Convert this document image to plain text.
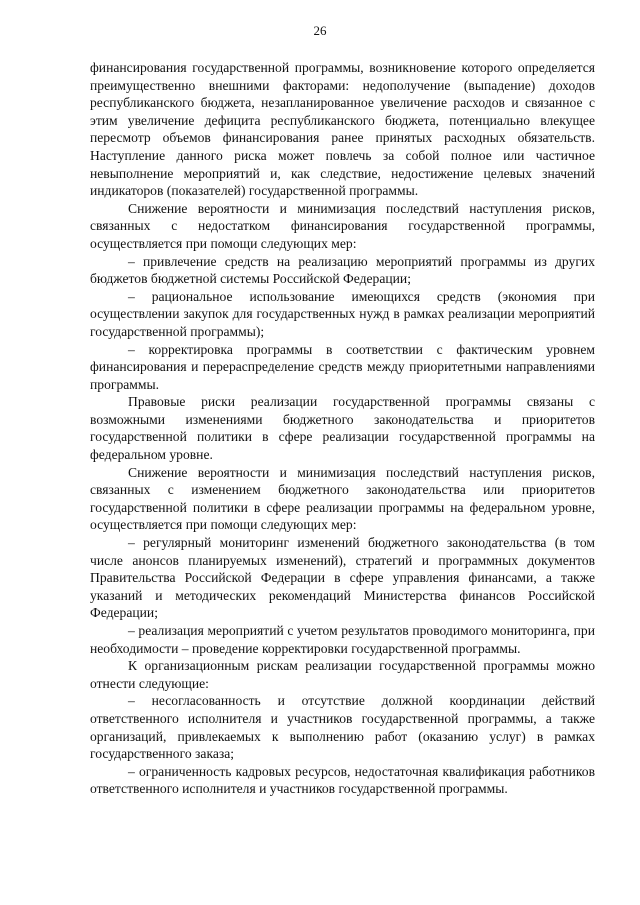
26

финансирования государственной программы, возникновение которого определяется преимущественно внешними факторами: недополучение (выпадение) доходов республиканского бюджета, незапланированное увеличение расходов и связанное с этим увеличение дефицита республиканского бюджета, потенциально влекущее пересмотр объемов финансирования ранее принятых расходных обязательств. Наступление данного риска может повлечь за собой полное или частичное невыполнение мероприятий и, как следствие, недостижение целевых значений индикаторов (показателей) государственной программы.

Снижение вероятности и минимизация последствий наступления рисков, связанных с недостатком финансирования государственной программы, осуществляется при помощи следующих мер:

– привлечение средств на реализацию мероприятий программы из других бюджетов бюджетной системы Российской Федерации;

– рациональное использование имеющихся средств (экономия при осуществлении закупок для государственных нужд в рамках реализации мероприятий государственной программы);

– корректировка программы в соответствии с фактическим уровнем финансирования и перераспределение средств между приоритетными направлениями программы.

Правовые риски реализации государственной программы связаны с возможными изменениями бюджетного законодательства и приоритетов государственной политики в сфере реализации государственной программы на федеральном уровне.

Снижение вероятности и минимизация последствий наступления рисков, связанных с изменением бюджетного законодательства или приоритетов государственной политики в сфере реализации программы на федеральном уровне, осуществляется при помощи следующих мер:

– регулярный мониторинг изменений бюджетного законодательства (в том числе анонсов планируемых изменений), стратегий и программных документов Правительства Российской Федерации в сфере управления финансами, а также указаний и методических рекомендаций Министерства финансов Российской Федерации;

– реализация мероприятий с учетом результатов проводимого мониторинга, при необходимости – проведение корректировки государственной программы.

К организационным рискам реализации государственной программы можно отнести следующие:

– несогласованность и отсутствие должной координации действий ответственного исполнителя и участников государственной программы, а также организаций, привлекаемых к выполнению работ (оказанию услуг) в рамках государственного заказа;

– ограниченность кадровых ресурсов, недостаточная квалификация работников ответственного исполнителя и участников государственной программы.
